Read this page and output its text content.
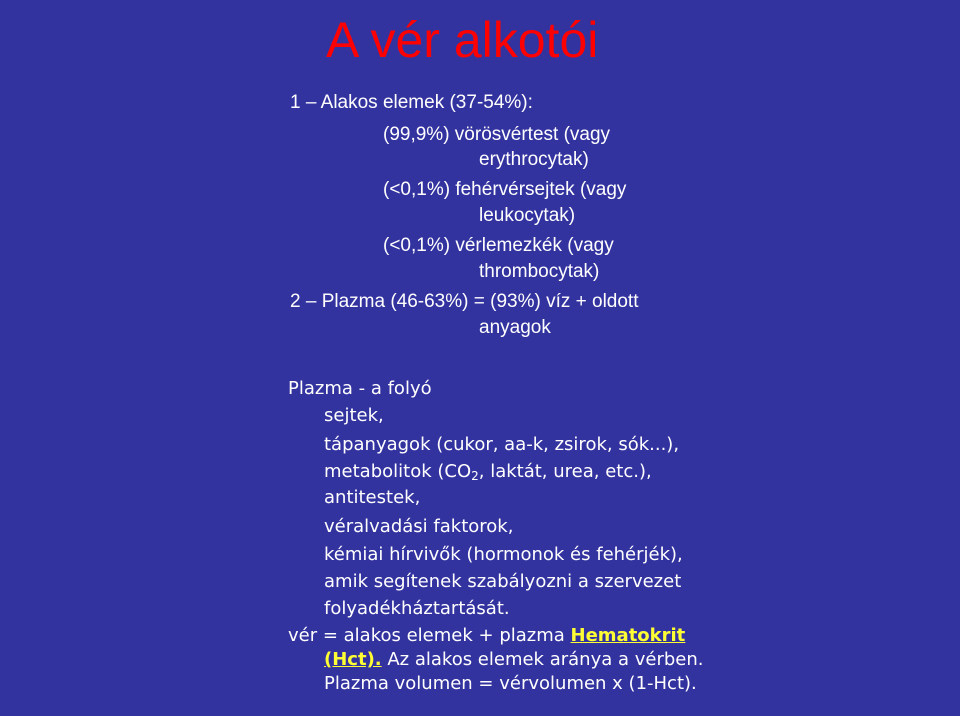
A vér alkotói
1 – Alakos elemek (37-54%):
(99,9%) vörösvértest (vagy
erythrocytak)
(<0,1%) fehérvérsejtek (vagy
leukocytak)
(<0,1%) vérlemezkék (vagy
thrombocytak)
2 – Plazma (46-63%) = (93%) víz + oldott
anyagok
Plazma - a folyó
sejtek,
tápanyagok (cukor, aa-k, zsirok, sók...),
metabolitok ($CO_2$, laktát, urea, etc.),
antitestek,
véralvadási faktorok,
kémiai hírvivők (hormonok és fehérjék),
amik segítenek szabályozni a szervezet
folyadékháztartását.
vér = alakos elemek + plazma Hematokrit
(Hct). Az alakos elemek aránya a vérben.
Plazma volumen = vérvolumen x (1-Hct).
